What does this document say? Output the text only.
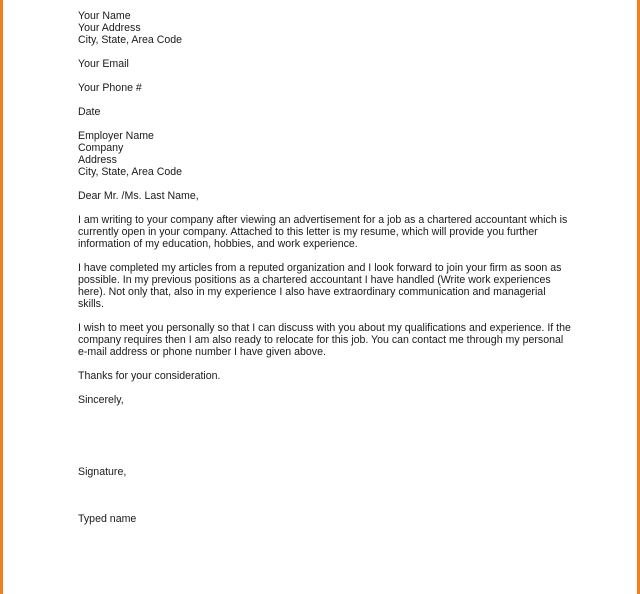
Your Name
Your Address
City, State, Area Code
Your Email
Your Phone #
Date
Employer Name
Company
Address
City, State, Area Code
Dear Mr. /Ms. Last Name,
I am writing to your company after viewing an advertisement for a job as a chartered accountant which is
currently open in your company. Attached to this letter is my resume, which will provide you further
information of my education, hobbies, and work experience.
I have completed my articles from a reputed organization and I look forward to join your firm as soon as
possible. In my previous positions as a chartered accountant I have handled (Write work experiences
here). Not only that, also in my experience I also have extraordinary communication and managerial
skills.
I wish to meet you personally so that I can discuss with you about my qualifications and experience. If the
company requires then I am also ready to relocate for this job. You can contact me through my personal
e-mail address or phone number I have given above.
Thanks for your consideration.
Sincerely,
Signature,
Typed name
